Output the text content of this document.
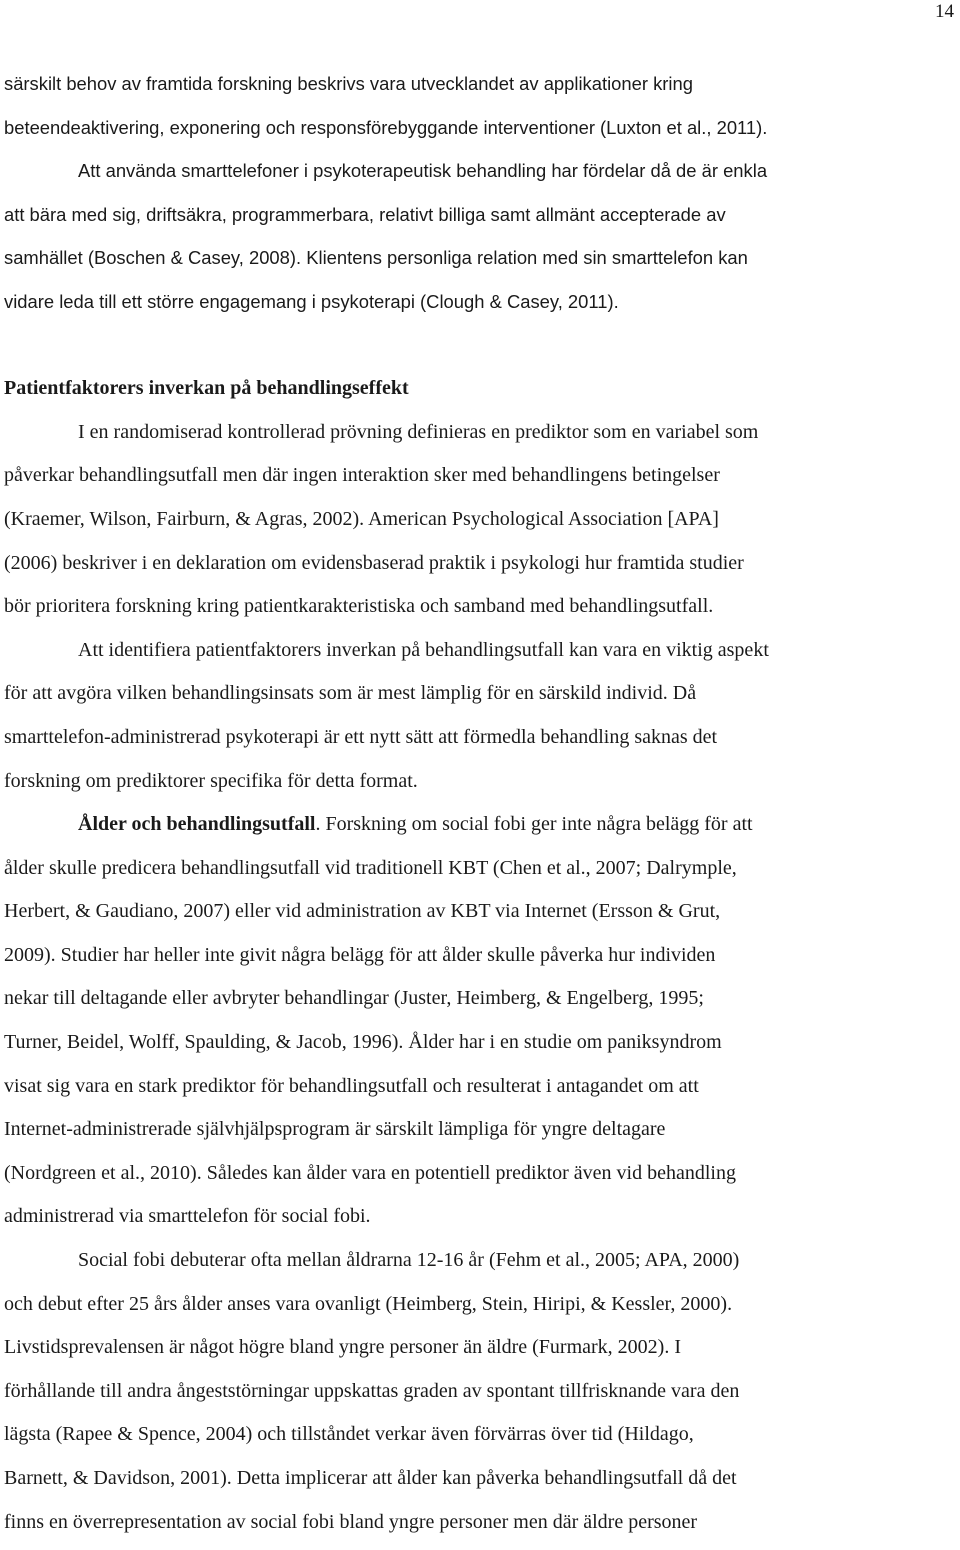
14
särskilt behov av framtida forskning beskrivs vara utvecklandet av applikationer kring
beteendeaktivering, exponering och responsförebyggande interventioner (Luxton et al., 2011).
Att använda smarttelefoner i psykoterapeutisk behandling har fördelar då de är enkla
att bära med sig, driftsäkra, programmerbara, relativt billiga samt allmänt accepterade av
samhället (Boschen & Casey, 2008). Klientens personliga relation med sin smarttelefon kan
vidare leda till ett större engagemang i psykoterapi (Clough & Casey, 2011).
Patientfaktorers inverkan på behandlingseffekt
I en randomiserad kontrollerad prövning definieras en prediktor som en variabel som
påverkar behandlingsutfall men där ingen interaktion sker med behandlingens betingelser
(Kraemer, Wilson, Fairburn, & Agras, 2002). American Psychological Association [APA]
(2006) beskriver i en deklaration om evidensbaserad praktik i psykologi hur framtida studier
bör prioritera forskning kring patientkarakteristiska och samband med behandlingsutfall.
Att identifiera patientfaktorers inverkan på behandlingsutfall kan vara en viktig aspekt
för att avgöra vilken behandlingsinsats som är mest lämplig för en särskild individ. Då
smarttelefon-administrerad psykoterapi är ett nytt sätt att förmedla behandling saknas det
forskning om prediktorer specifika för detta format.
Ålder och behandlingsutfall. Forskning om social fobi ger inte några belägg för att
ålder skulle predicera behandlingsutfall vid traditionell KBT (Chen et al., 2007; Dalrymple,
Herbert, & Gaudiano, 2007) eller vid administration av KBT via Internet (Ersson & Grut,
2009). Studier har heller inte givit några belägg för att ålder skulle påverka hur individen
nekar till deltagande eller avbryter behandlingar (Juster, Heimberg, & Engelberg, 1995;
Turner, Beidel, Wolff, Spaulding, & Jacob, 1996). Ålder har i en studie om paniksyndrom
visat sig vara en stark prediktor för behandlingsutfall och resulterat i antagandet om att
Internet-administrerade självhjälpsprogram är särskilt lämpliga för yngre deltagare
(Nordgreen et al., 2010). Således kan ålder vara en potentiell prediktor även vid behandling
administrerad via smarttelefon för social fobi.
Social fobi debuterar ofta mellan åldrarna 12-16 år (Fehm et al., 2005; APA, 2000)
och debut efter 25 års ålder anses vara ovanligt (Heimberg, Stein, Hiripi, & Kessler, 2000).
Livstidsprevalensen är något högre bland yngre personer än äldre (Furmark, 2002). I
förhållande till andra ångeststörningar uppskattas graden av spontant tillfrisknande vara den
lägsta (Rapee & Spence, 2004) och tillståndet verkar även förvärras över tid (Hildago,
Barnett, & Davidson, 2001). Detta implicerar att ålder kan påverka behandlingsutfall då det
finns en överrepresentation av social fobi bland yngre personer men där äldre personer
